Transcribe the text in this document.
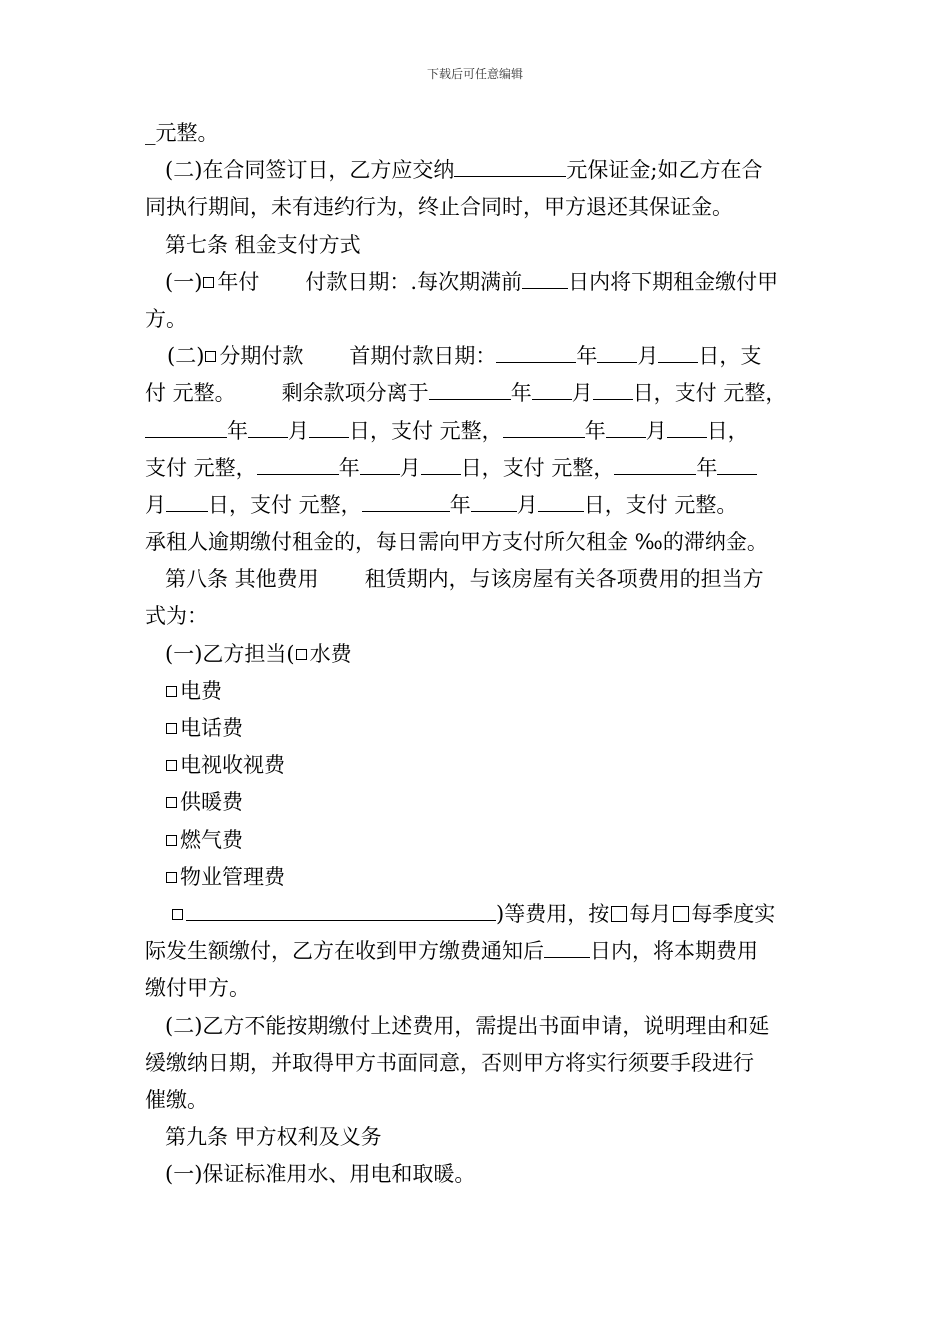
下载后可任意编辑
_元整。
(二)在合同签订日，乙方应交纳	元保证金;如乙方在合
同执行期间，未有违约行为，终止合同时，甲方退还其保证金。
第七条 租金支付方式
(一) 年付 付款日期：.每次期满前 日内将下期租金缴付甲
方。
(二) 分期付款 首期付款日期：	年 月 日，支
付 元整。 剩余款项分离于	年 月 日，支付 元整，
年 月 日，支付 元整，	年 月 日，
支付 元整，	年 月 日，支付 元整，	年
月 日，支付 元整，	年 月 日，支付 元整。
承租人逾期缴付租金的，每日需向甲方支付所欠租金 ‰的滞纳金。
第八条 其他费用 租赁期内，与该房屋有关各项费用的担当方
式为：
(一)乙方担当( 水费
电费
电话费
电视收视费
供暖费
燃气费
物业管理费
)等费用，按 每月 每季度实
际发生额缴付，乙方在收到甲方缴费通知后 日内，将本期费用
缴付甲方。
(二)乙方不能按期缴付上述费用，需提出书面申请，说明理由和延
缓缴纳日期，并取得甲方书面同意，否则甲方将实行须要手段进行
催缴。
第九条 甲方权利及义务
(一)保证标准用水、用电和取暖。
